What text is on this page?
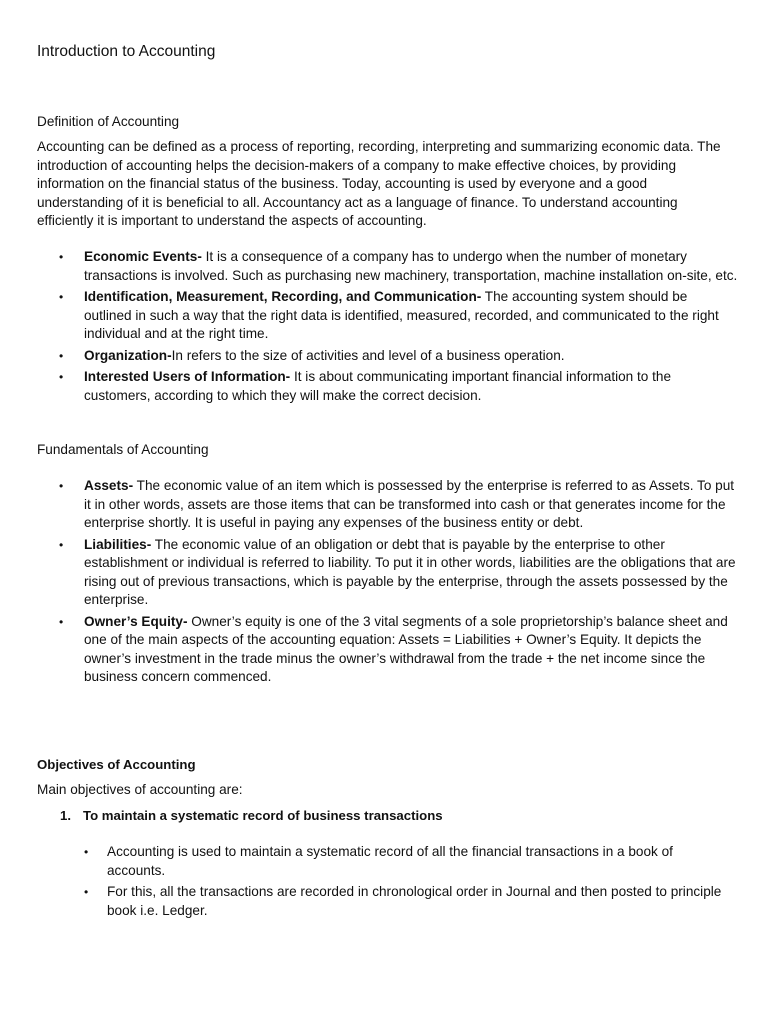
Introduction to Accounting
Definition of Accounting
Accounting can be defined as a process of reporting, recording, interpreting and summarizing economic data. The introduction of accounting helps the decision-makers of a company to make effective choices, by providing information on the financial status of the business. Today, accounting is used by everyone and a good understanding of it is beneficial to all. Accountancy act as a language of finance. To understand accounting efficiently it is important to understand the aspects of accounting.
• Economic Events- It is a consequence of a company has to undergo when the number of monetary transactions is involved. Such as purchasing new machinery, transportation, machine installation on-site, etc.
• Identification, Measurement, Recording, and Communication- The accounting system should be outlined in such a way that the right data is identified, measured, recorded, and communicated to the right individual and at the right time.
• Organization-In refers to the size of activities and level of a business operation.
• Interested Users of Information- It is about communicating important financial information to the customers, according to which they will make the correct decision.
Fundamentals of Accounting
• Assets- The economic value of an item which is possessed by the enterprise is referred to as Assets. To put it in other words, assets are those items that can be transformed into cash or that generates income for the enterprise shortly. It is useful in paying any expenses of the business entity or debt.
• Liabilities- The economic value of an obligation or debt that is payable by the enterprise to other establishment or individual is referred to liability. To put it in other words, liabilities are the obligations that are rising out of previous transactions, which is payable by the enterprise, through the assets possessed by the enterprise.
• Owner’s Equity- Owner’s equity is one of the 3 vital segments of a sole proprietorship’s balance sheet and one of the main aspects of the accounting equation: Assets = Liabilities + Owner’s Equity. It depicts the owner’s investment in the trade minus the owner’s withdrawal from the trade + the net income since the business concern commenced.
Objectives of Accounting
Main objectives of accounting are:
1. To maintain a systematic record of business transactions
• Accounting is used to maintain a systematic record of all the financial transactions in a book of accounts.
• For this, all the transactions are recorded in chronological order in Journal and then posted to principle book i.e. Ledger.
